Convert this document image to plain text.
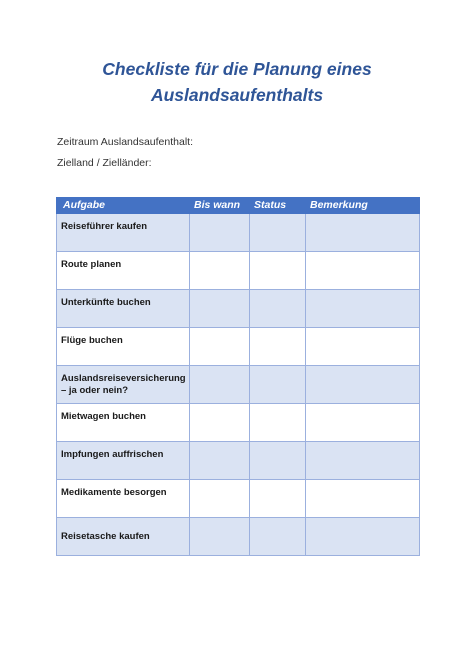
Checkliste für die Planung eines
Auslandsaufenthalts
Zeitraum Auslandsaufenthalt:
Zielland / Zielländer:
Aufgabe	Bis wann	Status	Bemerkung
Reiseführer kaufen			
Route planen			
Unterkünfte buchen			
Flüge buchen			
Auslandsreiseversicherung – ja oder nein?			
Mietwagen buchen			
Impfungen auffrischen			
Medikamente besorgen			
Reisetasche kaufen			
